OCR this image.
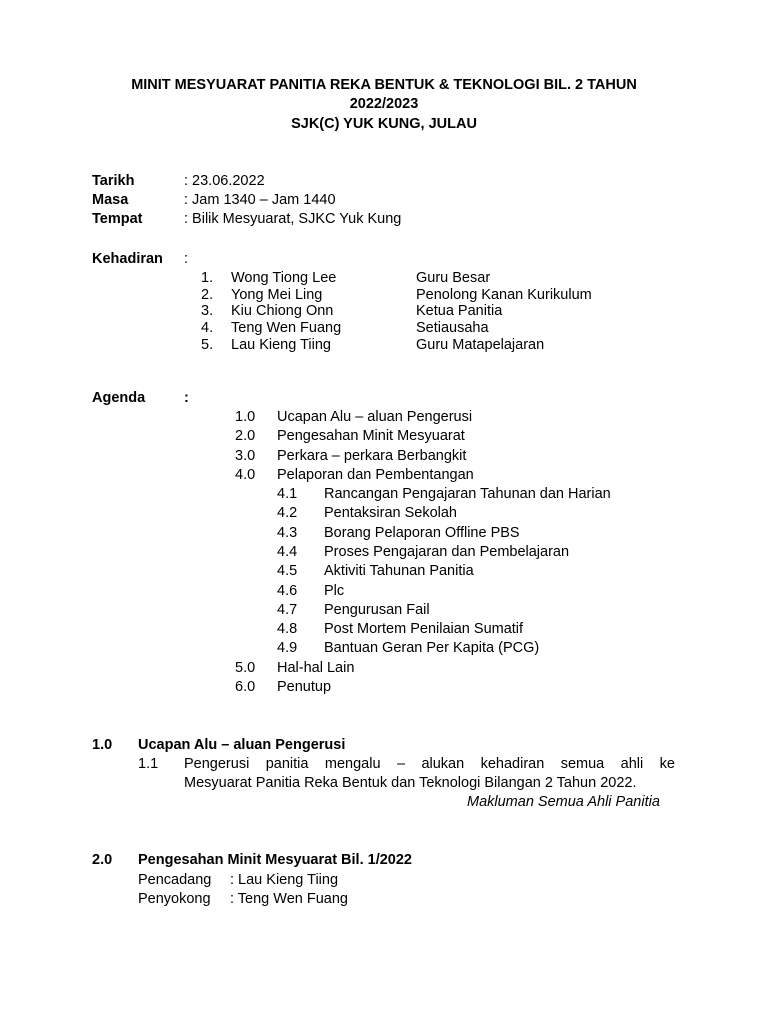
MINIT MESYUARAT PANITIA REKA BENTUK & TEKNOLOGI BIL. 2 TAHUN
2022/2023
SJK(C) YUK KUNG, JULAU
Tarikh	: 23.06.2022
Masa	: Jam 1340 – Jam 1440
Tempat	: Bilik Mesyuarat, SJKC Yuk Kung
Kehadiran :
1. Wong Tiong Lee	Guru Besar
2. Yong Mei Ling	Penolong Kanan Kurikulum
3. Kiu Chiong Onn	Ketua Panitia
4. Teng Wen Fuang	Setiausaha
5. Lau Kieng Tiing	Guru Matapelajaran
Agenda	:
1.0 Ucapan Alu – aluan Pengerusi
2.0 Pengesahan Minit Mesyuarat
3.0 Perkara – perkara Berbangkit
4.0 Pelaporan dan Pembentangan
4.1 Rancangan Pengajaran Tahunan dan Harian
4.2 Pentaksiran Sekolah
4.3 Borang Pelaporan Offline PBS
4.4 Proses Pengajaran dan Pembelajaran
4.5 Aktiviti Tahunan Panitia
4.6 Plc
4.7 Pengurusan Fail
4.8 Post Mortem Penilaian Sumatif
4.9 Bantuan Geran Per Kapita (PCG)
5.0 Hal-hal Lain
6.0 Penutup
1.0 Ucapan Alu – aluan Pengerusi
1.1 Pengerusi panitia mengalu – alukan kehadiran semua ahli ke
Mesyuarat Panitia Reka Bentuk dan Teknologi Bilangan 2 Tahun 2022.
Makluman Semua Ahli Panitia
2.0 Pengesahan Minit Mesyuarat Bil. 1/2022
Pencadang : Lau Kieng Tiing
Penyokong : Teng Wen Fuang
